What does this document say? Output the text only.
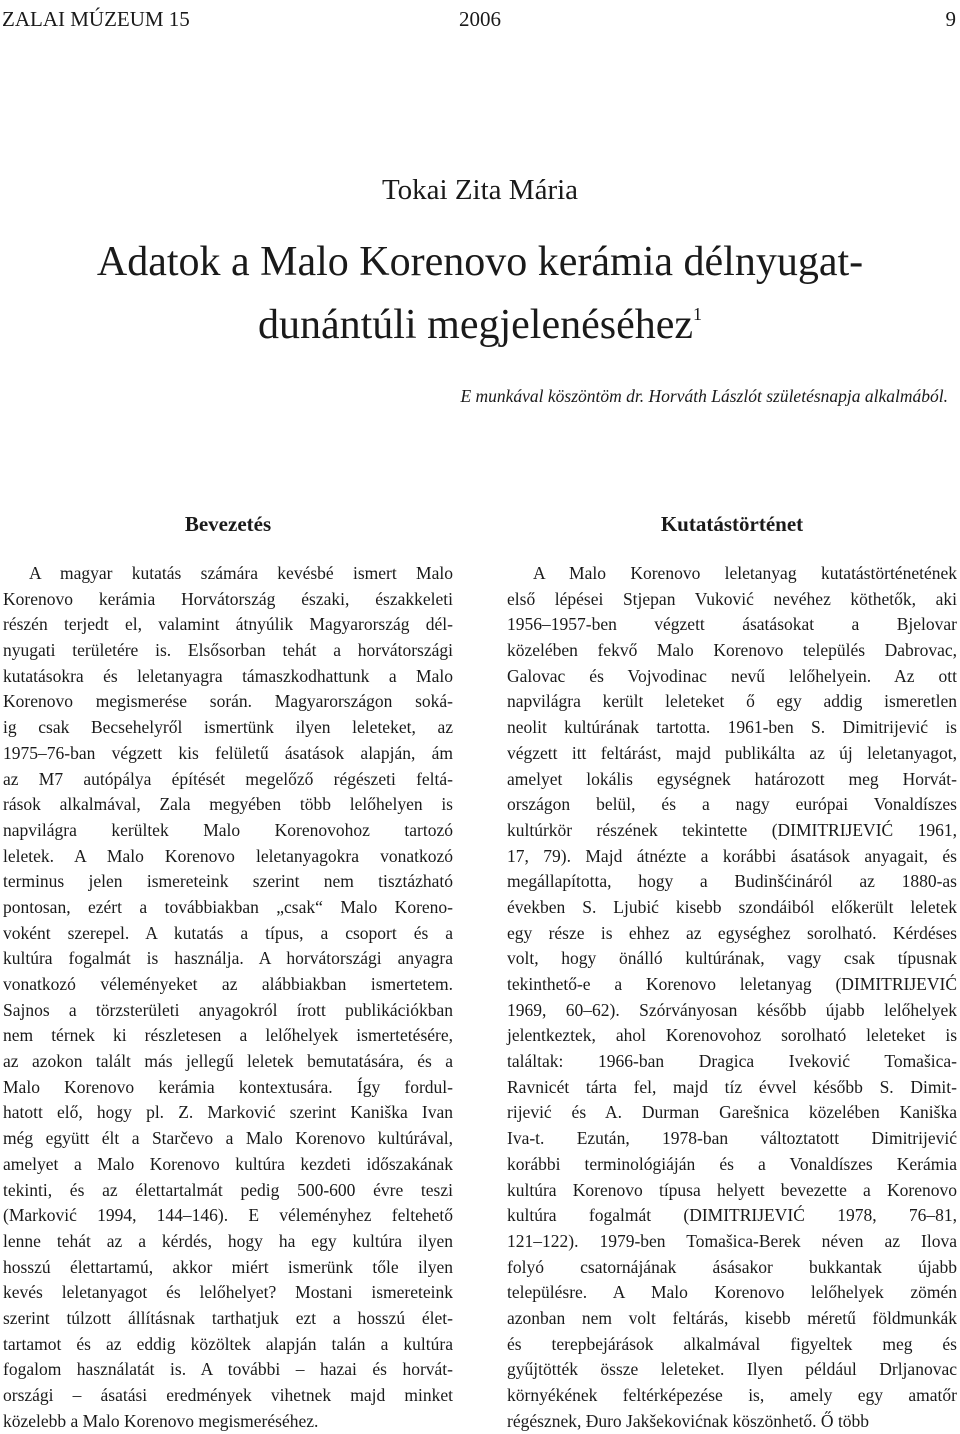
ZALAI MÚZEUM 15	2006	9
Tokai Zita Mária
Adatok a Malo Korenovo kerámia délnyugat-
dunántúli megjelenéséhez$^1$
E munkával köszöntöm dr. Horváth Lászlót születésnapja alkalmából.
Bevezetés
A magyar kutatás számára kevésbé ismert Malo
Korenovo kerámia Horvátország északi, északkeleti
részén terjedt el, valamint átnyúlik Magyarország dél-
nyugati területére is. Elsősorban tehát a horvátországi
kutatásokra és leletanyagra támaszkodhattunk a Malo
Korenovo megismerése során. Magyarországon soká-
ig csak Becsehelyről ismertünk ilyen leleteket, az
1975–76-ban végzett kis felületű ásatások alapján, ám
az M7 autópálya építését megelőző régészeti feltá-
rások alkalmával, Zala megyében több lelőhelyen is
napvilágra kerültek Malo Korenovohoz tartozó
leletek. A Malo Korenovo leletanyagokra vonatkozó
terminus jelen ismereteink szerint nem tisztázható
pontosan, ezért a továbbiakban „csak“ Malo Koreno-
voként szerepel. A kutatás a típus, a csoport és a
kultúra fogalmát is használja. A horvátországi anyagra
vonatkozó véleményeket az alábbiakban ismertetem.
Sajnos a törzsterületi anyagokról írott publikációkban
nem térnek ki részletesen a lelőhelyek ismertetésére,
az azokon talált más jellegű leletek bemutatására, és a
Malo Korenovo kerámia kontextusára. Így fordul-
hatott elő, hogy pl. Z. Marković szerint Kaniška Ivan
még együtt élt a Starčevo a Malo Korenovo kultúrával,
amelyet a Malo Korenovo kultúra kezdeti időszakának
tekinti, és az élettartalmát pedig 500-600 évre teszi
(Marković 1994, 144–146). E véleményhez feltehető
lenne tehát az a kérdés, hogy ha egy kultúra ilyen
hosszú élettartamú, akkor miért ismerünk tőle ilyen
kevés leletanyagot és lelőhelyet? Mostani ismereteink
szerint túlzott állításnak tarthatjuk ezt a hosszú élet-
tartamot és az eddig közöltek alapján talán a kultúra
fogalom használatát is. A további – hazai és horvát-
országi – ásatási eredmények vihetnek majd minket
közelebb a Malo Korenovo megismeréséhez.
Kutatástörténet
A Malo Korenovo leletanyag kutatástörténetének
első lépései Stjepan Vuković nevéhez köthetők, aki
1956–1957-ben végzett ásatásokat a Bjelovar
közelében fekvő Malo Korenovo település Dabrovac,
Galovac és Vojvodinac nevű lelőhelyein. Az ott
napvilágra került leleteket ő egy addig ismeretlen
neolit kultúrának tartotta. 1961-ben S. Dimitrijević is
végzett itt feltárást, majd publikálta az új leletanyagot,
amelyet lokális egységnek határozott meg Horvát-
országon belül, és a nagy európai Vonaldíszes
kultúrkör részének tekintette (DIMITRIJEVIĆ 1961,
17, 79). Majd átnézte a korábbi ásatások anyagait, és
megállapította, hogy a Budinšćináról az 1880-as
években S. Ljubić kisebb szondáiból előkerült leletek
egy része is ehhez az egységhez sorolható. Kérdéses
volt, hogy önálló kultúrának, vagy csak típusnak
tekinthető-e a Korenovo leletanyag (DIMITRIJEVIĆ
1969, 60–62). Szórványosan később újabb lelőhelyek
jelentkeztek, ahol Korenovohoz sorolható leleteket is
találtak: 1966-ban Dragica Iveković Tomašica-
Ravnicét tárta fel, majd tíz évvel később S. Dimit-
rijević és A. Durman Garešnica közelében Kaniška
Iva-t. Ezután, 1978-ban változtatott Dimitrijević
korábbi terminológiáján és a Vonaldíszes Kerámia
kultúra Korenovo típusa helyett bevezette a Korenovo
kultúra fogalmát (DIMITRIJEVIĆ 1978, 76–81,
121–122). 1979-ben Tomašica-Berek néven az Ilova
folyó csatornájának ásásakor bukkantak újabb
településre. A Malo Korenovo lelőhelyek zömén
azonban nem volt feltárás, kisebb méretű földmunkák
és terepbejárások alkalmával figyeltek meg és
gyűjtötték össze leleteket. Ilyen például Drljanovac
környékének feltérképezése is, amely egy amatőr
régésznek, Đuro Jakšekovićnak köszönhető. Ő több
